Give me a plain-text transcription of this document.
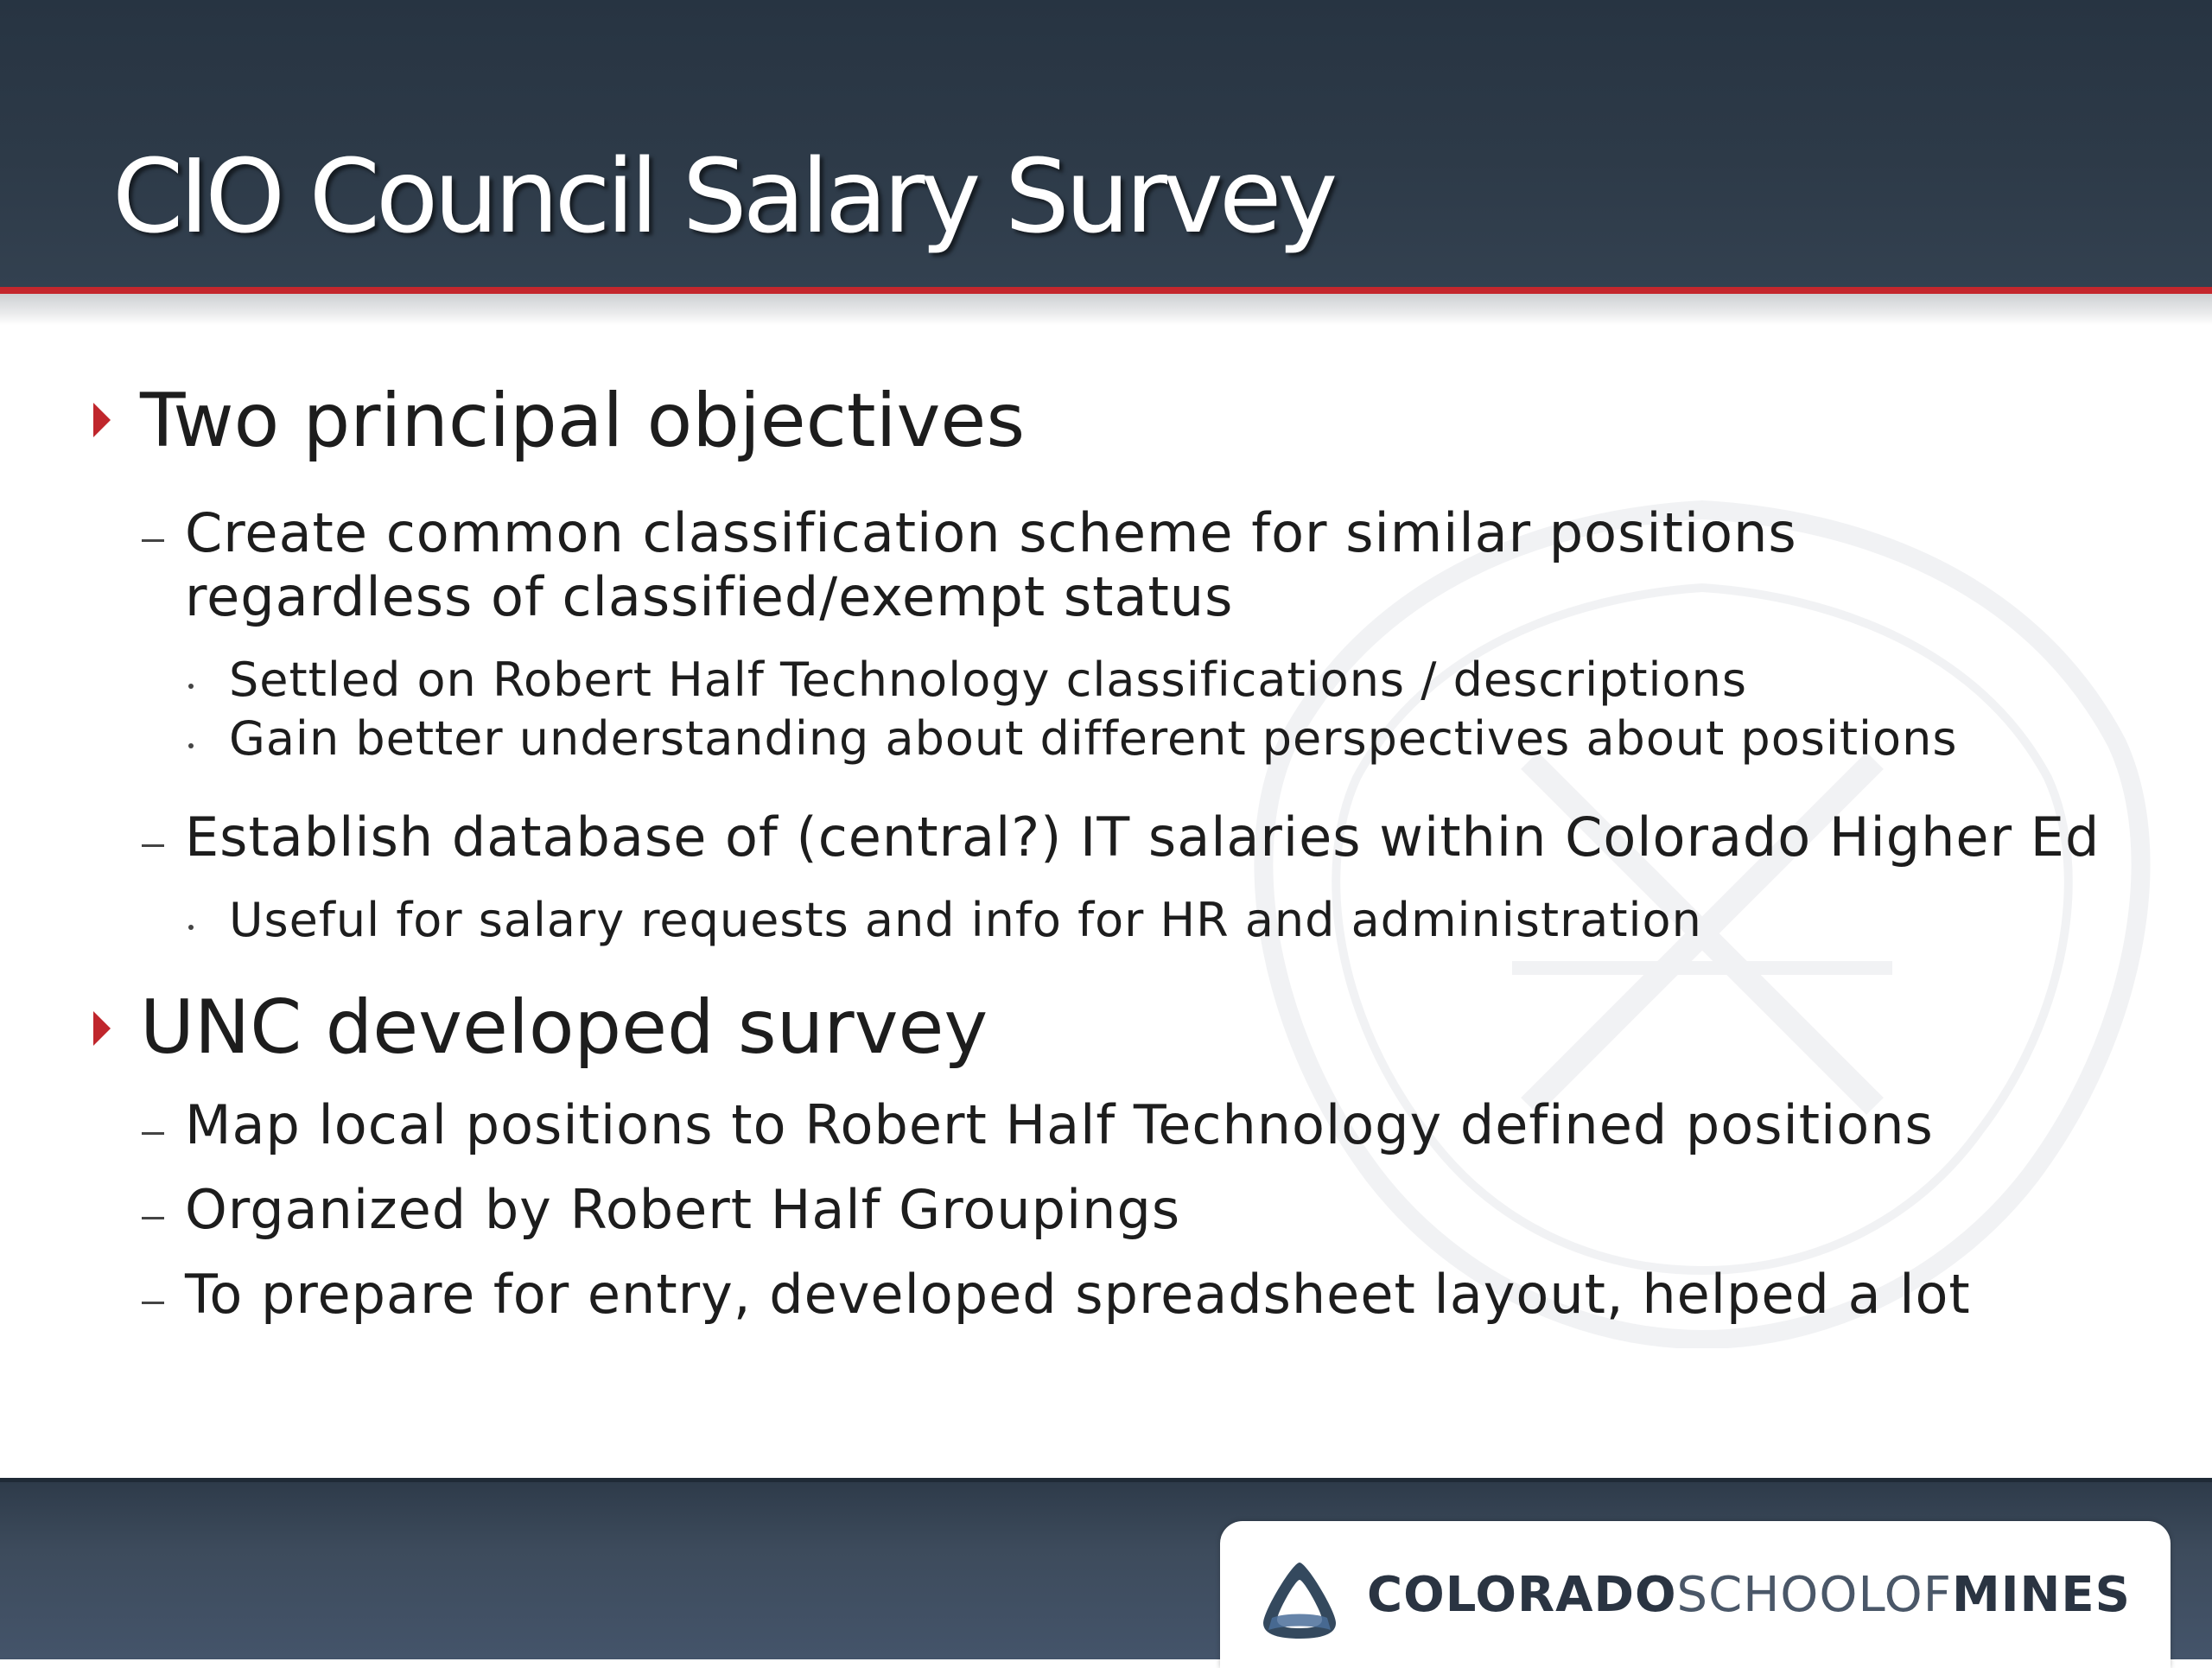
CIO Council Salary Survey
Two principal objectives
Create common classification scheme for similar positions
regardless of classified/exempt status
Settled on Robert Half Technology classifications / descriptions
Gain better understanding about different perspectives about positions
Establish database of (central?) IT salaries within Colorado Higher Ed
Useful for salary requests and info for HR and administration
UNC developed survey
Map local positions to Robert Half Technology defined positions
Organized by Robert Half Groupings
To prepare for entry, developed spreadsheet layout, helped a lot
COLORADOSCHOOLOFMINES
